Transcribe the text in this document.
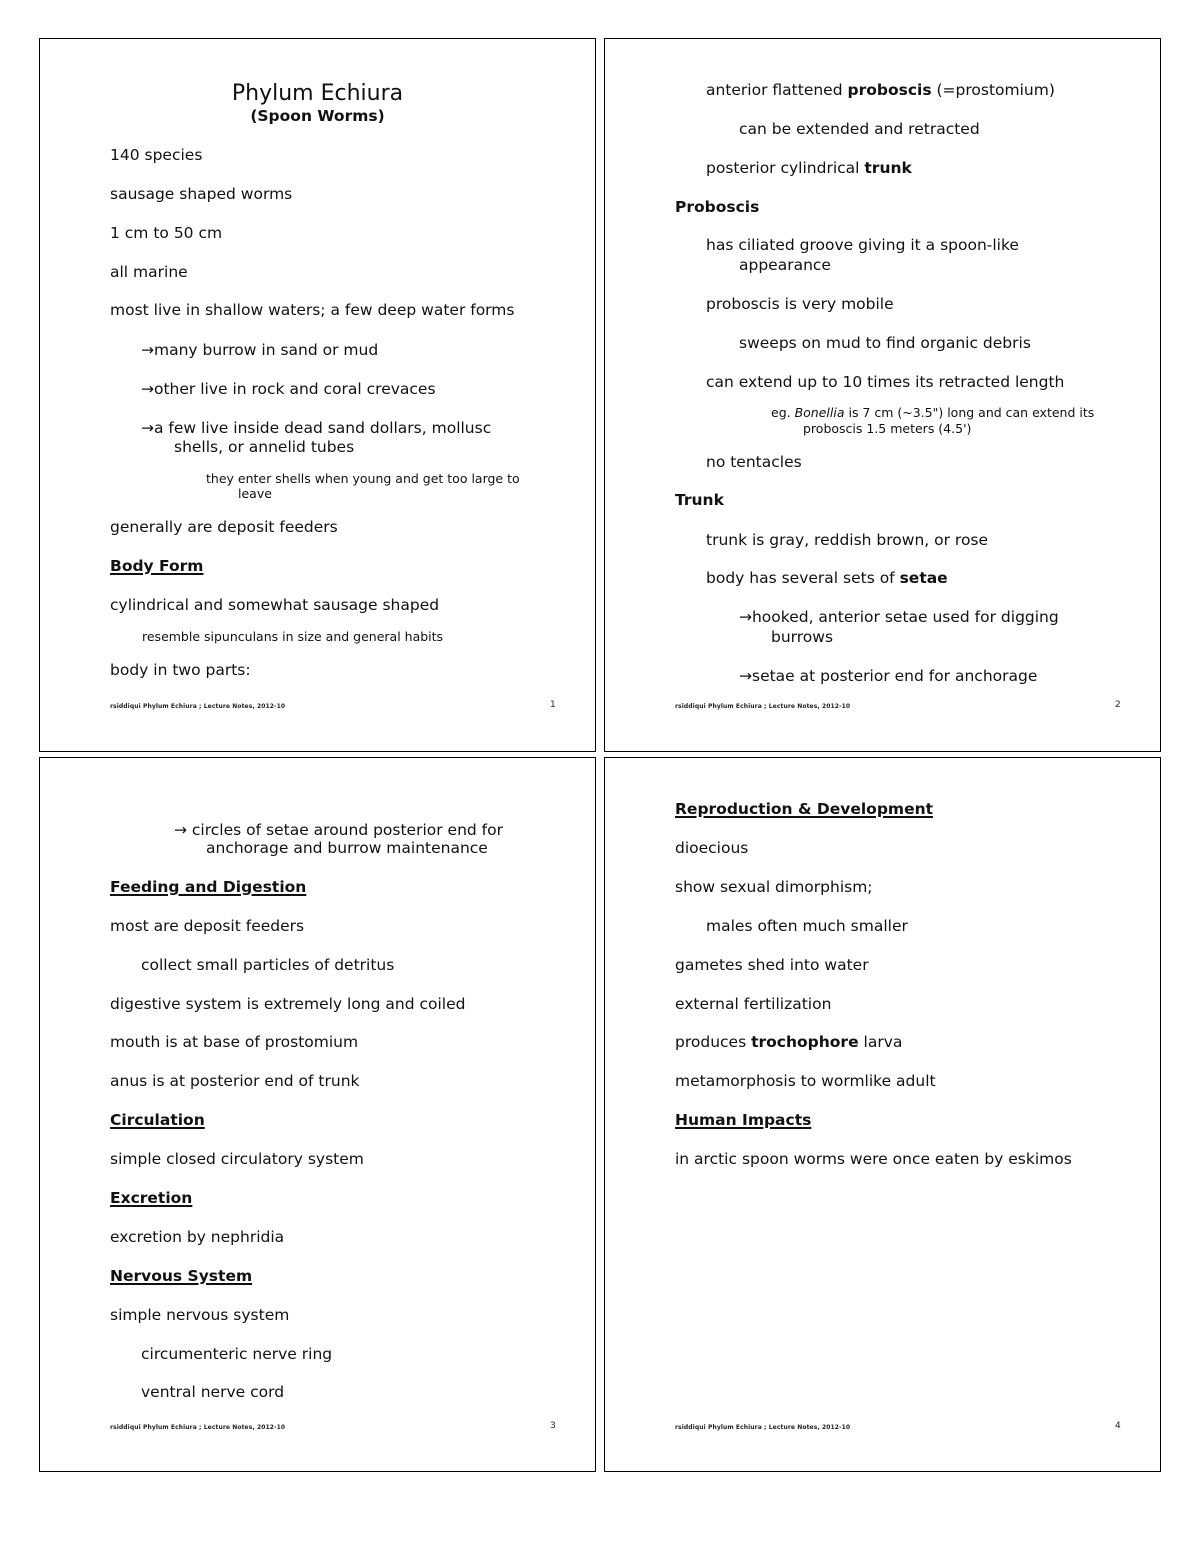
Phylum Echiura
(Spoon Worms)
140 species
sausage shaped worms
1 cm to 50 cm
all marine
most live in shallow waters; a few deep water forms
→many burrow in sand or mud
→other live in rock and coral crevaces
→a few live inside dead sand dollars, mollusc
shells, or annelid tubes
they enter shells when young and get too large to
leave
generally are deposit feeders
Body Form
cylindrical and somewhat sausage shaped
resemble sipunculans in size and general habits
body in two parts:
rsiddiqui Phylum Echiura ; Lecture Notes, 2012-10	1
anterior flattened proboscis (=prostomium)
can be extended and retracted
posterior cylindrical trunk
Proboscis
has ciliated groove giving it a spoon-like
appearance
proboscis is very mobile
sweeps on mud to find organic debris
can extend up to 10 times its retracted length
eg. Bonellia is 7 cm (~3.5") long and can extend its
proboscis 1.5 meters (4.5')
no tentacles
Trunk
trunk is gray, reddish brown, or rose
body has several sets of setae
→hooked, anterior setae used for digging
burrows
→setae at posterior end for anchorage
rsiddiqui Phylum Echiura ; Lecture Notes, 2012-10	2
→ circles of setae around posterior end for
anchorage and burrow maintenance
Feeding and Digestion
most are deposit feeders
collect small particles of detritus
digestive system is extremely long and coiled
mouth is at base of prostomium
anus is at posterior end of trunk
Circulation
simple closed circulatory system
Excretion
excretion by nephridia
Nervous System
simple nervous system
circumenteric nerve ring
ventral nerve cord
rsiddiqui Phylum Echiura ; Lecture Notes, 2012-10	3
Reproduction & Development
dioecious
show sexual dimorphism;
males often much smaller
gametes shed into water
external fertilization
produces trochophore larva
metamorphosis to wormlike adult
Human Impacts
in arctic spoon worms were once eaten by eskimos
rsiddiqui Phylum Echiura ; Lecture Notes, 2012-10	4
